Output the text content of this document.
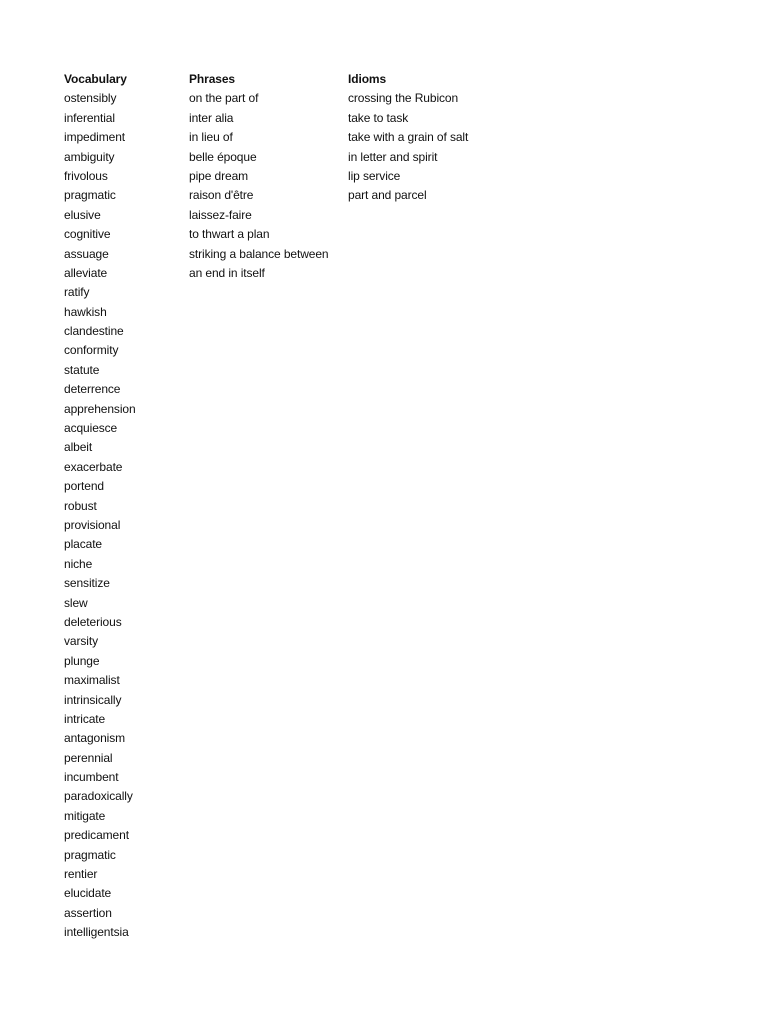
Vocabulary
ostensibly
inferential
impediment
ambiguity
frivolous
pragmatic
elusive
cognitive
assuage
alleviate
ratify
hawkish
clandestine
conformity
statute
deterrence
apprehension
acquiesce
albeit
exacerbate
portend
robust
provisional
placate
niche
sensitize
slew
deleterious
varsity
plunge
maximalist
intrinsically
intricate
antagonism
perennial
incumbent
paradoxically
mitigate
predicament
pragmatic
rentier
elucidate
assertion
intelligentsia
Phrases
on the part of
inter alia
in lieu of
belle époque
pipe dream
raison d'être
laissez-faire
to thwart a plan
striking a balance between
an end in itself
Idioms
crossing the Rubicon
take to task
take with a grain of salt
in letter and spirit
lip service
part and parcel
